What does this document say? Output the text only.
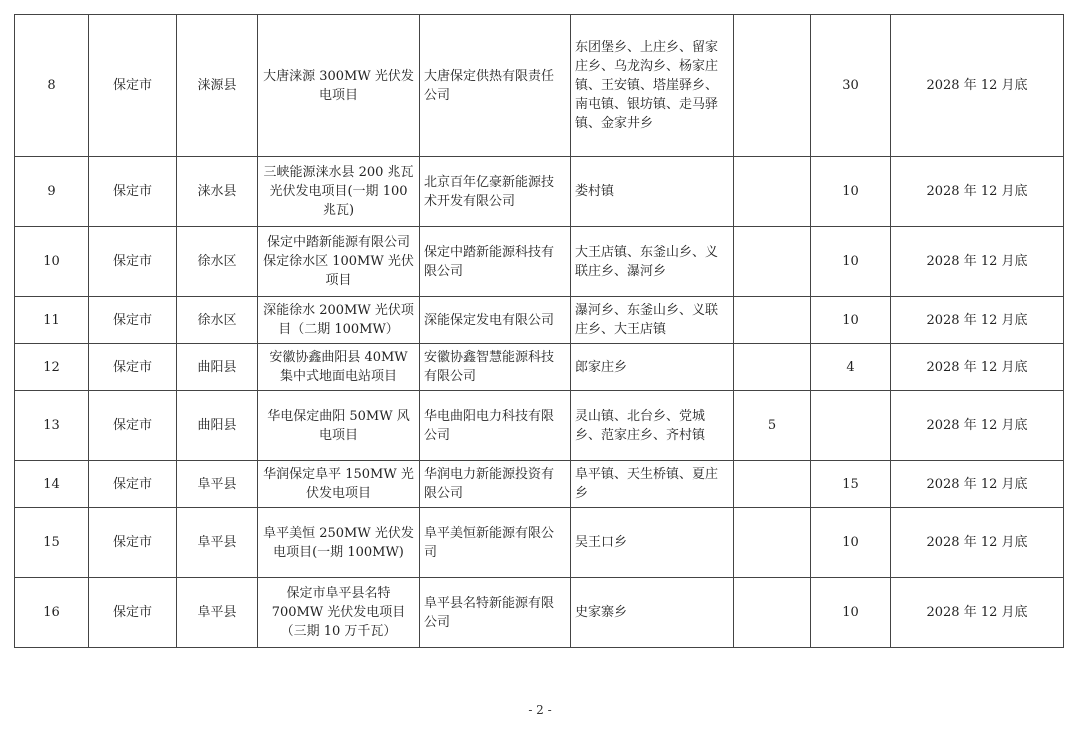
8	保定市	涞源县	大唐涞源 300MW 光伏发电项目	大唐保定供热有限责任公司	东团堡乡、上庄乡、留家庄乡、乌龙沟乡、杨家庄镇、王安镇、塔崖驿乡、南屯镇、银坊镇、走马驿镇、金家井乡		30	2028 年 12 月底
9	保定市	涞水县	三峡能源涞水县 200 兆瓦光伏发电项目(一期 100 兆瓦)	北京百年亿豪新能源技术开发有限公司	娄村镇		10	2028 年 12 月底
10	保定市	徐水区	保定中踏新能源有限公司保定徐水区 100MW 光伏项目	保定中踏新能源科技有限公司	大王店镇、东釜山乡、义联庄乡、瀑河乡		10	2028 年 12 月底
11	保定市	徐水区	深能徐水 200MW 光伏项目（二期 100MW）	深能保定发电有限公司	瀑河乡、东釜山乡、义联庄乡、大王店镇		10	2028 年 12 月底
12	保定市	曲阳县	安徽协鑫曲阳县 40MW 集中式地面电站项目	安徽协鑫智慧能源科技有限公司	郎家庄乡		4	2028 年 12 月底
13	保定市	曲阳县	华电保定曲阳 50MW 风电项目	华电曲阳电力科技有限公司	灵山镇、北台乡、党城乡、范家庄乡、齐村镇	5		2028 年 12 月底
14	保定市	阜平县	华润保定阜平 150MW 光伏发电项目	华润电力新能源投资有限公司	阜平镇、天生桥镇、夏庄乡		15	2028 年 12 月底
15	保定市	阜平县	阜平美恒 250MW 光伏发电项目(一期 100MW)	阜平美恒新能源有限公司	吴王口乡		10	2028 年 12 月底
16	保定市	阜平县	保定市阜平县名特 700MW 光伏发电项目（三期 10 万千瓦）	阜平县名特新能源有限公司	史家寨乡		10	2028 年 12 月底
- 2 -
